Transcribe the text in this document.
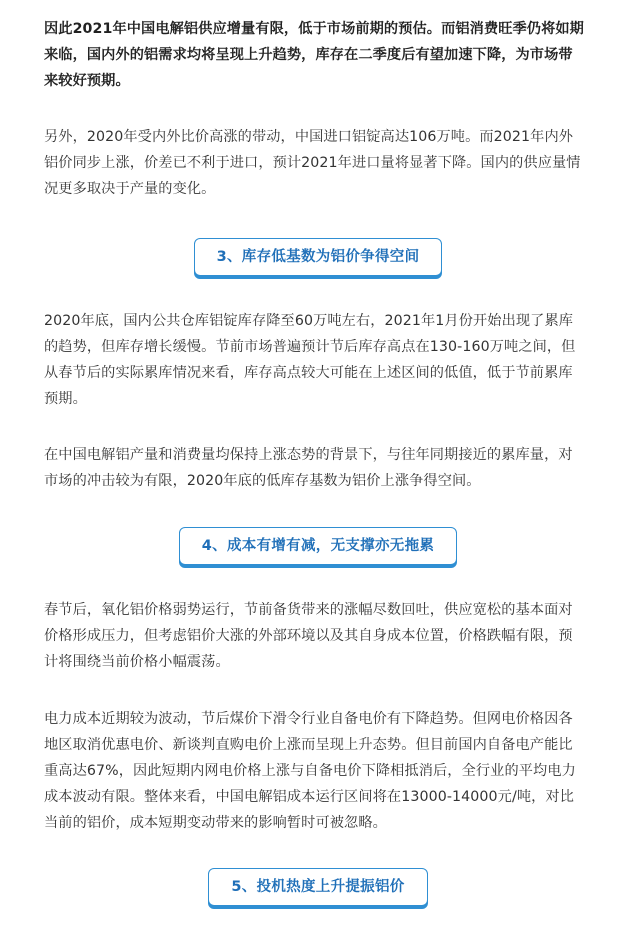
因此2021年中国电解铝供应增量有限，低于市场前期的预估。而铝消费旺季仍将如期
来临，国内外的铝需求均将呈现上升趋势，库存在二季度后有望加速下降，为市场带
来较好预期。
另外，2020年受内外比价高涨的带动，中国进口铝锭高达106万吨。而2021年内外
铝价同步上涨，价差已不利于进口，预计2021年进口量将显著下降。国内的供应量情
况更多取决于产量的变化。
3、库存低基数为铝价争得空间
2020年底，国内公共仓库铝锭库存降至60万吨左右，2021年1月份开始出现了累库
的趋势，但库存增长缓慢。节前市场普遍预计节后库存高点在130-160万吨之间，但
从春节后的实际累库情况来看，库存高点较大可能在上述区间的低值，低于节前累库
预期。
在中国电解铝产量和消费量均保持上涨态势的背景下，与往年同期接近的累库量，对
市场的冲击较为有限，2020年底的低库存基数为铝价上涨争得空间。
4、成本有增有减，无支撑亦无拖累
春节后，氧化铝价格弱势运行，节前备货带来的涨幅尽数回吐，供应宽松的基本面对
价格形成压力，但考虑铝价大涨的外部环境以及其自身成本位置，价格跌幅有限，预
计将围绕当前价格小幅震荡。
电力成本近期较为波动，节后煤价下滑令行业自备电价有下降趋势。但网电价格因各
地区取消优惠电价、新谈判直购电价上涨而呈现上升态势。但目前国内自备电产能比
重高达67%，因此短期内网电价格上涨与自备电价下降相抵消后，全行业的平均电力
成本波动有限。整体来看，中国电解铝成本运行区间将在13000-14000元/吨，对比
当前的铝价，成本短期变动带来的影响暂时可被忽略。
5、投机热度上升提振铝价
